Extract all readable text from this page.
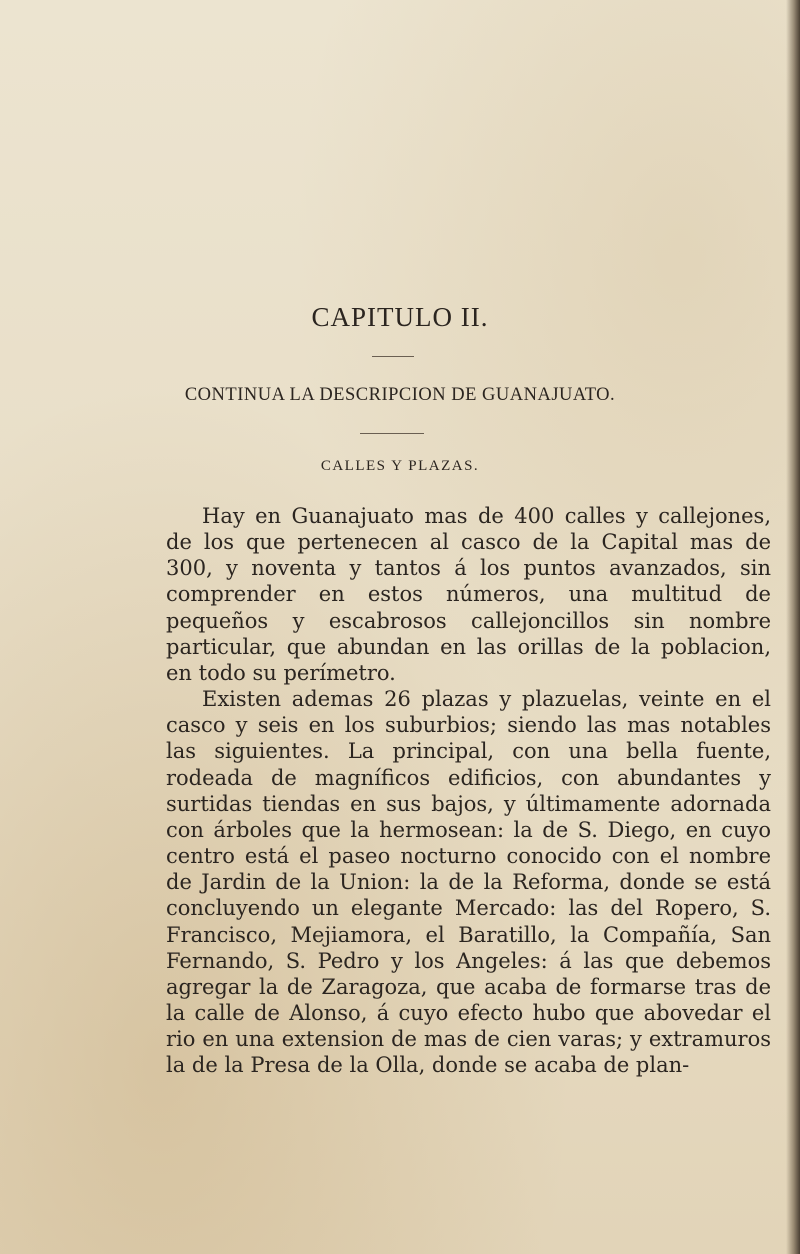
CAPITULO II.
CONTINUA LA DESCRIPCION DE GUANAJUATO.
CALLES Y PLAZAS.

Hay en Guanajuato mas de 400 calles y callejones, de los que pertenecen al casco de la Capital mas de 300, y noventa y tantos á los puntos avanzados, sin comprender en estos números, una multitud de pequeños y escabrosos callejoncillos sin nombre particular, que abundan en las orillas de la poblacion, en todo su perímetro.

Existen ademas 26 plazas y plazuelas, veinte en el casco y seis en los suburbios; siendo las mas notables las siguientes. La principal, con una bella fuente, rodeada de magníficos edificios, con abundantes y surtidas tiendas en sus bajos, y últimamente adornada con árboles que la hermosean: la de S. Diego, en cuyo centro está el paseo nocturno conocido con el nombre de Jardin de la Union: la de la Reforma, donde se está concluyendo un elegante Mercado: las del Ropero, S. Francisco, Mejiamora, el Baratillo, la Compañía, San Fernando, S. Pedro y los Angeles: á las que debemos agregar la de Zaragoza, que acaba de formarse tras de la calle de Alonso, á cuyo efecto hubo que abovedar el rio en una extension de mas de cien varas; y extramuros la de la Presa de la Olla, donde se acaba de plan-
